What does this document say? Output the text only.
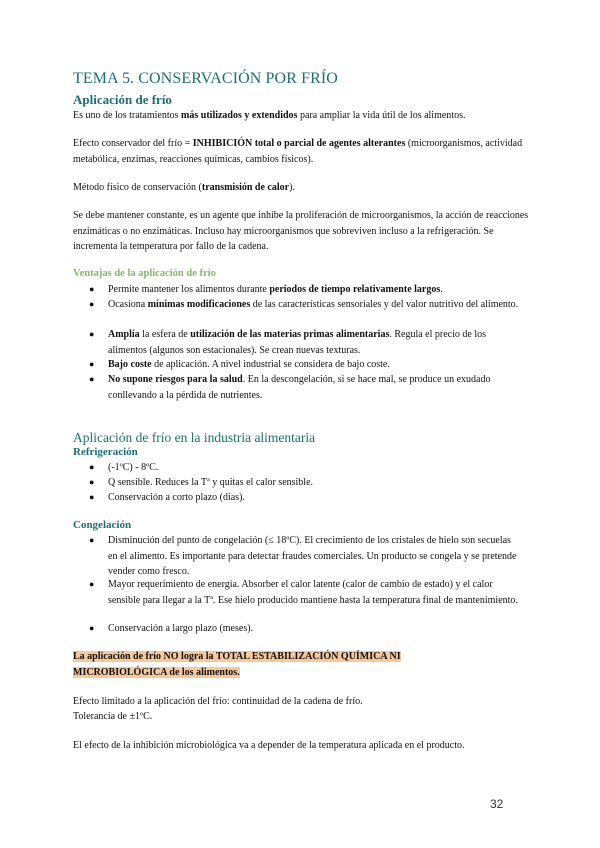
TEMA 5. CONSERVACIÓN POR FRÍO
Aplicación de frío
Es uno de los tratamientos más utilizados y extendidos para ampliar la vida útil de los alimentos.
Efecto conservador del frío = INHIBICIÓN total o parcial de agentes alterantes (microorganismos, actividad metabólica, enzimas, reacciones químicas, cambios físicos).
Método físico de conservación (transmisión de calor).
Se debe mantener constante, es un agente que inhibe la proliferación de microorganismos, la acción de reacciones enzimáticas o no enzimáticas. Incluso hay microorganismos que sobreviven incluso a la refrigeración. Se incrementa la temperatura por fallo de la cadena.
Ventajas de la aplicación de frío
● Permite mantener los alimentos durante periodos de tiempo relativamente largos.
● Ocasiona mínimas modificaciones de las características sensoriales y del valor nutritivo del alimento.
● Amplía la esfera de utilización de las materias primas alimentarias. Regula el precio de los alimentos (algunos son estacionales). Se crean nuevas texturas.
● Bajo coste de aplicación. A nivel industrial se considera de bajo coste.
● No supone riesgos para la salud. En la descongelación, si se hace mal, se produce un exudado conllevando a la pérdida de nutrientes.
Aplicación de frío en la industria alimentaria
Refrigeración
● (-1ºC) - 8ºC.
● Q sensible. Reduces la Tª y quitas el calor sensible.
● Conservación a corto plazo (días).
Congelación
● Disminución del punto de congelación (≤ 18ºC). El crecimiento de los cristales de hielo son secuelas en el alimento. Es importante para detectar fraudes comerciales. Un producto se congela y se pretende vender como fresco.
● Mayor requerimiento de energía. Absorber el calor latente (calor de cambio de estado) y el calor sensible para llegar a la Tª. Ese hielo producido mantiene hasta la temperatura final de mantenimiento.
● Conservación a largo plazo (meses).
La aplicación de frío NO logra la TOTAL ESTABILIZACIÓN QUÍMICA NI
MICROBIOLÓGICA de los alimentos.
Efecto limitado a la aplicación del frío: continuidad de la cadena de frío.
Tolerancia de ±1ºC.
El efecto de la inhibición microbiológica va a depender de la temperatura aplicada en el producto.
32
